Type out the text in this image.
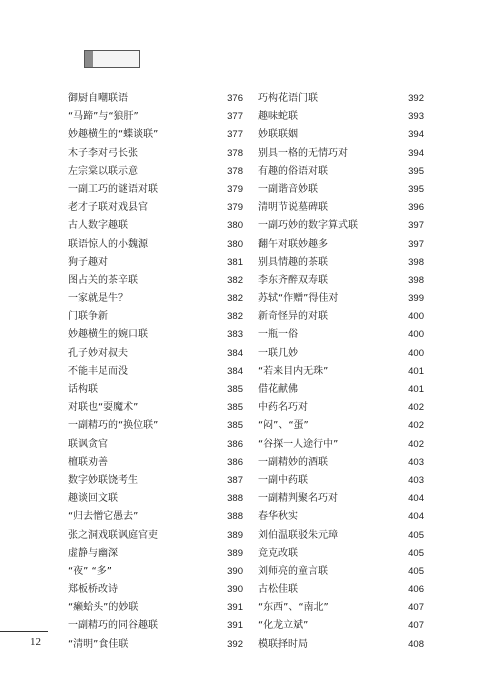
御厨自嘲联语	376
“马蹄”与“狼肝”	377
妙趣横生的“蝶谈联”	377
木子李对弓长张	378
左宗棠以联示意	378
一副工巧的谜语对联	379
老才子联对戏县官	379
古人数字趣联	380
联语惊人的小魏源	380
狗子趣对	381
图占关的茶辛联	382
一家就是牛？	382
门联争新	382
妙趣横生的婉口联	383
孔子妙对叔夫	384
不能丰足而没	384
话构联	385
对联也“耍魔术”	385
一副精巧的“换位联”	385
联讽贪官	386
檀联劝善	386
数字妙联饶考生	387
趣谈回文联	388
“归去憎它愚去”	388
张之洞戏联讽庭官吏	389
虚静与幽深	389
“夜” “多”	390
郑板桥改诗	390
“癞蛤头”的妙联	391
一副精巧的同谷趣联	391
“清明”食佳联	392
巧构花语门联	392
趣味蛇联	393
妙联联姻	394
别具一格的无情巧对	394
有趣的俗语对联	395
一副谐音妙联	395
清明节说墓碑联	396
一副巧妙的数字算式联	397
翻午对联妙趣多	397
别具情趣的茶联	398
李东齐醉双寿联	398
苏轼“作赠”得佳对	399
新奇怪异的对联	400
一瓶一俗	400
一联几妙	400
“若来目内无珠”	401
借花献佛	401
中药名巧对	402
“闷”、“蛋”	402
“谷探一人途行中”	402
一副精妙的酒联	403
一副中药联	403
一副精判聚名巧对	404
春华秋实	404
刘伯温联驳朱元璋	405
竞克改联	405
刘师亮的童言联	405
古松佳联	406
“东西”、“南北”	407
“化龙立斌”	407
模联择时局	408
12
